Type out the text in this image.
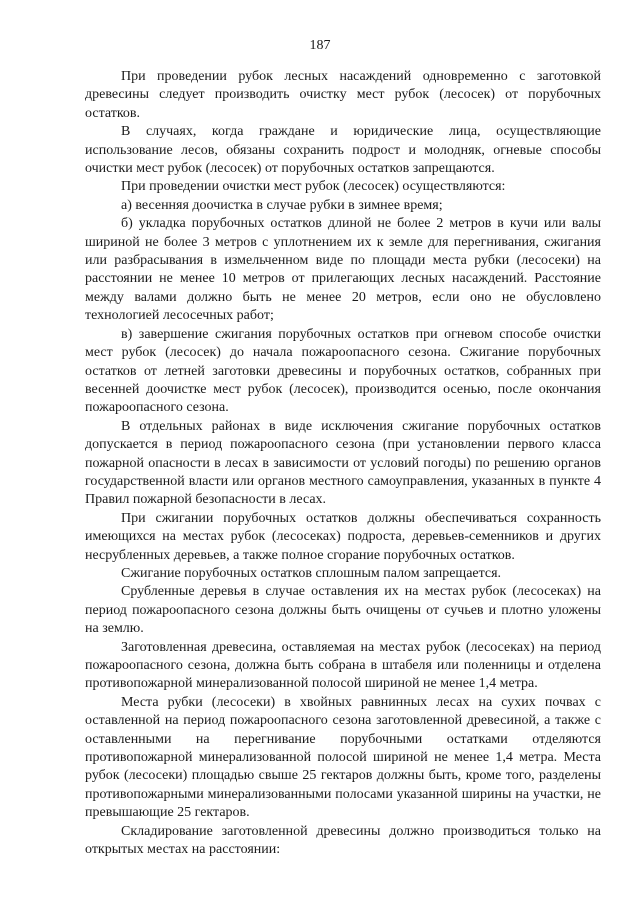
187

При проведении рубок лесных насаждений одновременно с заготовкой древесины следует производить очистку мест рубок (лесосек) от порубочных остатков.

В случаях, когда граждане и юридические лица, осуществляющие использование лесов, обязаны сохранить подрост и молодняк, огневые способы очистки мест рубок (лесосек) от порубочных остатков запрещаются.

При проведении очистки мест рубок (лесосек) осуществляются:

а) весенняя доочистка в случае рубки в зимнее время;

б) укладка порубочных остатков длиной не более 2 метров в кучи или валы шириной не более 3 метров с уплотнением их к земле для перегнивания, сжигания или разбрасывания в измельченном виде по площади места рубки (лесосеки) на расстоянии не менее 10 метров от прилегающих лесных насаждений. Расстояние между валами должно быть не менее 20 метров, если оно не обусловлено технологией лесосечных работ;

в) завершение сжигания порубочных остатков при огневом способе очистки мест рубок (лесосек) до начала пожароопасного сезона. Сжигание порубочных остатков от летней заготовки древесины и порубочных остатков, собранных при весенней доочистке мест рубок (лесосек), производится осенью, после окончания пожароопасного сезона.

В отдельных районах в виде исключения сжигание порубочных остатков допускается в период пожароопасного сезона (при установлении первого класса пожарной опасности в лесах в зависимости от условий погоды) по решению органов государственной власти или органов местного самоуправления, указанных в пункте 4 Правил пожарной безопасности в лесах.

При сжигании порубочных остатков должны обеспечиваться сохранность имеющихся на местах рубок (лесосеках) подроста, деревьев-семенников и других несрубленных деревьев, а также полное сгорание порубочных остатков.

Сжигание порубочных остатков сплошным палом запрещается.

Срубленные деревья в случае оставления их на местах рубок (лесосеках) на период пожароопасного сезона должны быть очищены от сучьев и плотно уложены на землю.

Заготовленная древесина, оставляемая на местах рубок (лесосеках) на период пожароопасного сезона, должна быть собрана в штабеля или поленницы и отделена противопожарной минерализованной полосой шириной не менее 1,4 метра.

Места рубки (лесосеки) в хвойных равнинных лесах на сухих почвах с оставленной на период пожароопасного сезона заготовленной древесиной, а также с оставленными на перегнивание порубочными остатками отделяются противопожарной минерализованной полосой шириной не менее 1,4 метра. Места рубок (лесосеки) площадью свыше 25 гектаров должны быть, кроме того, разделены противопожарными минерализованными полосами указанной ширины на участки, не превышающие 25 гектаров.

Складирование заготовленной древесины должно производиться только на открытых местах на расстоянии:
